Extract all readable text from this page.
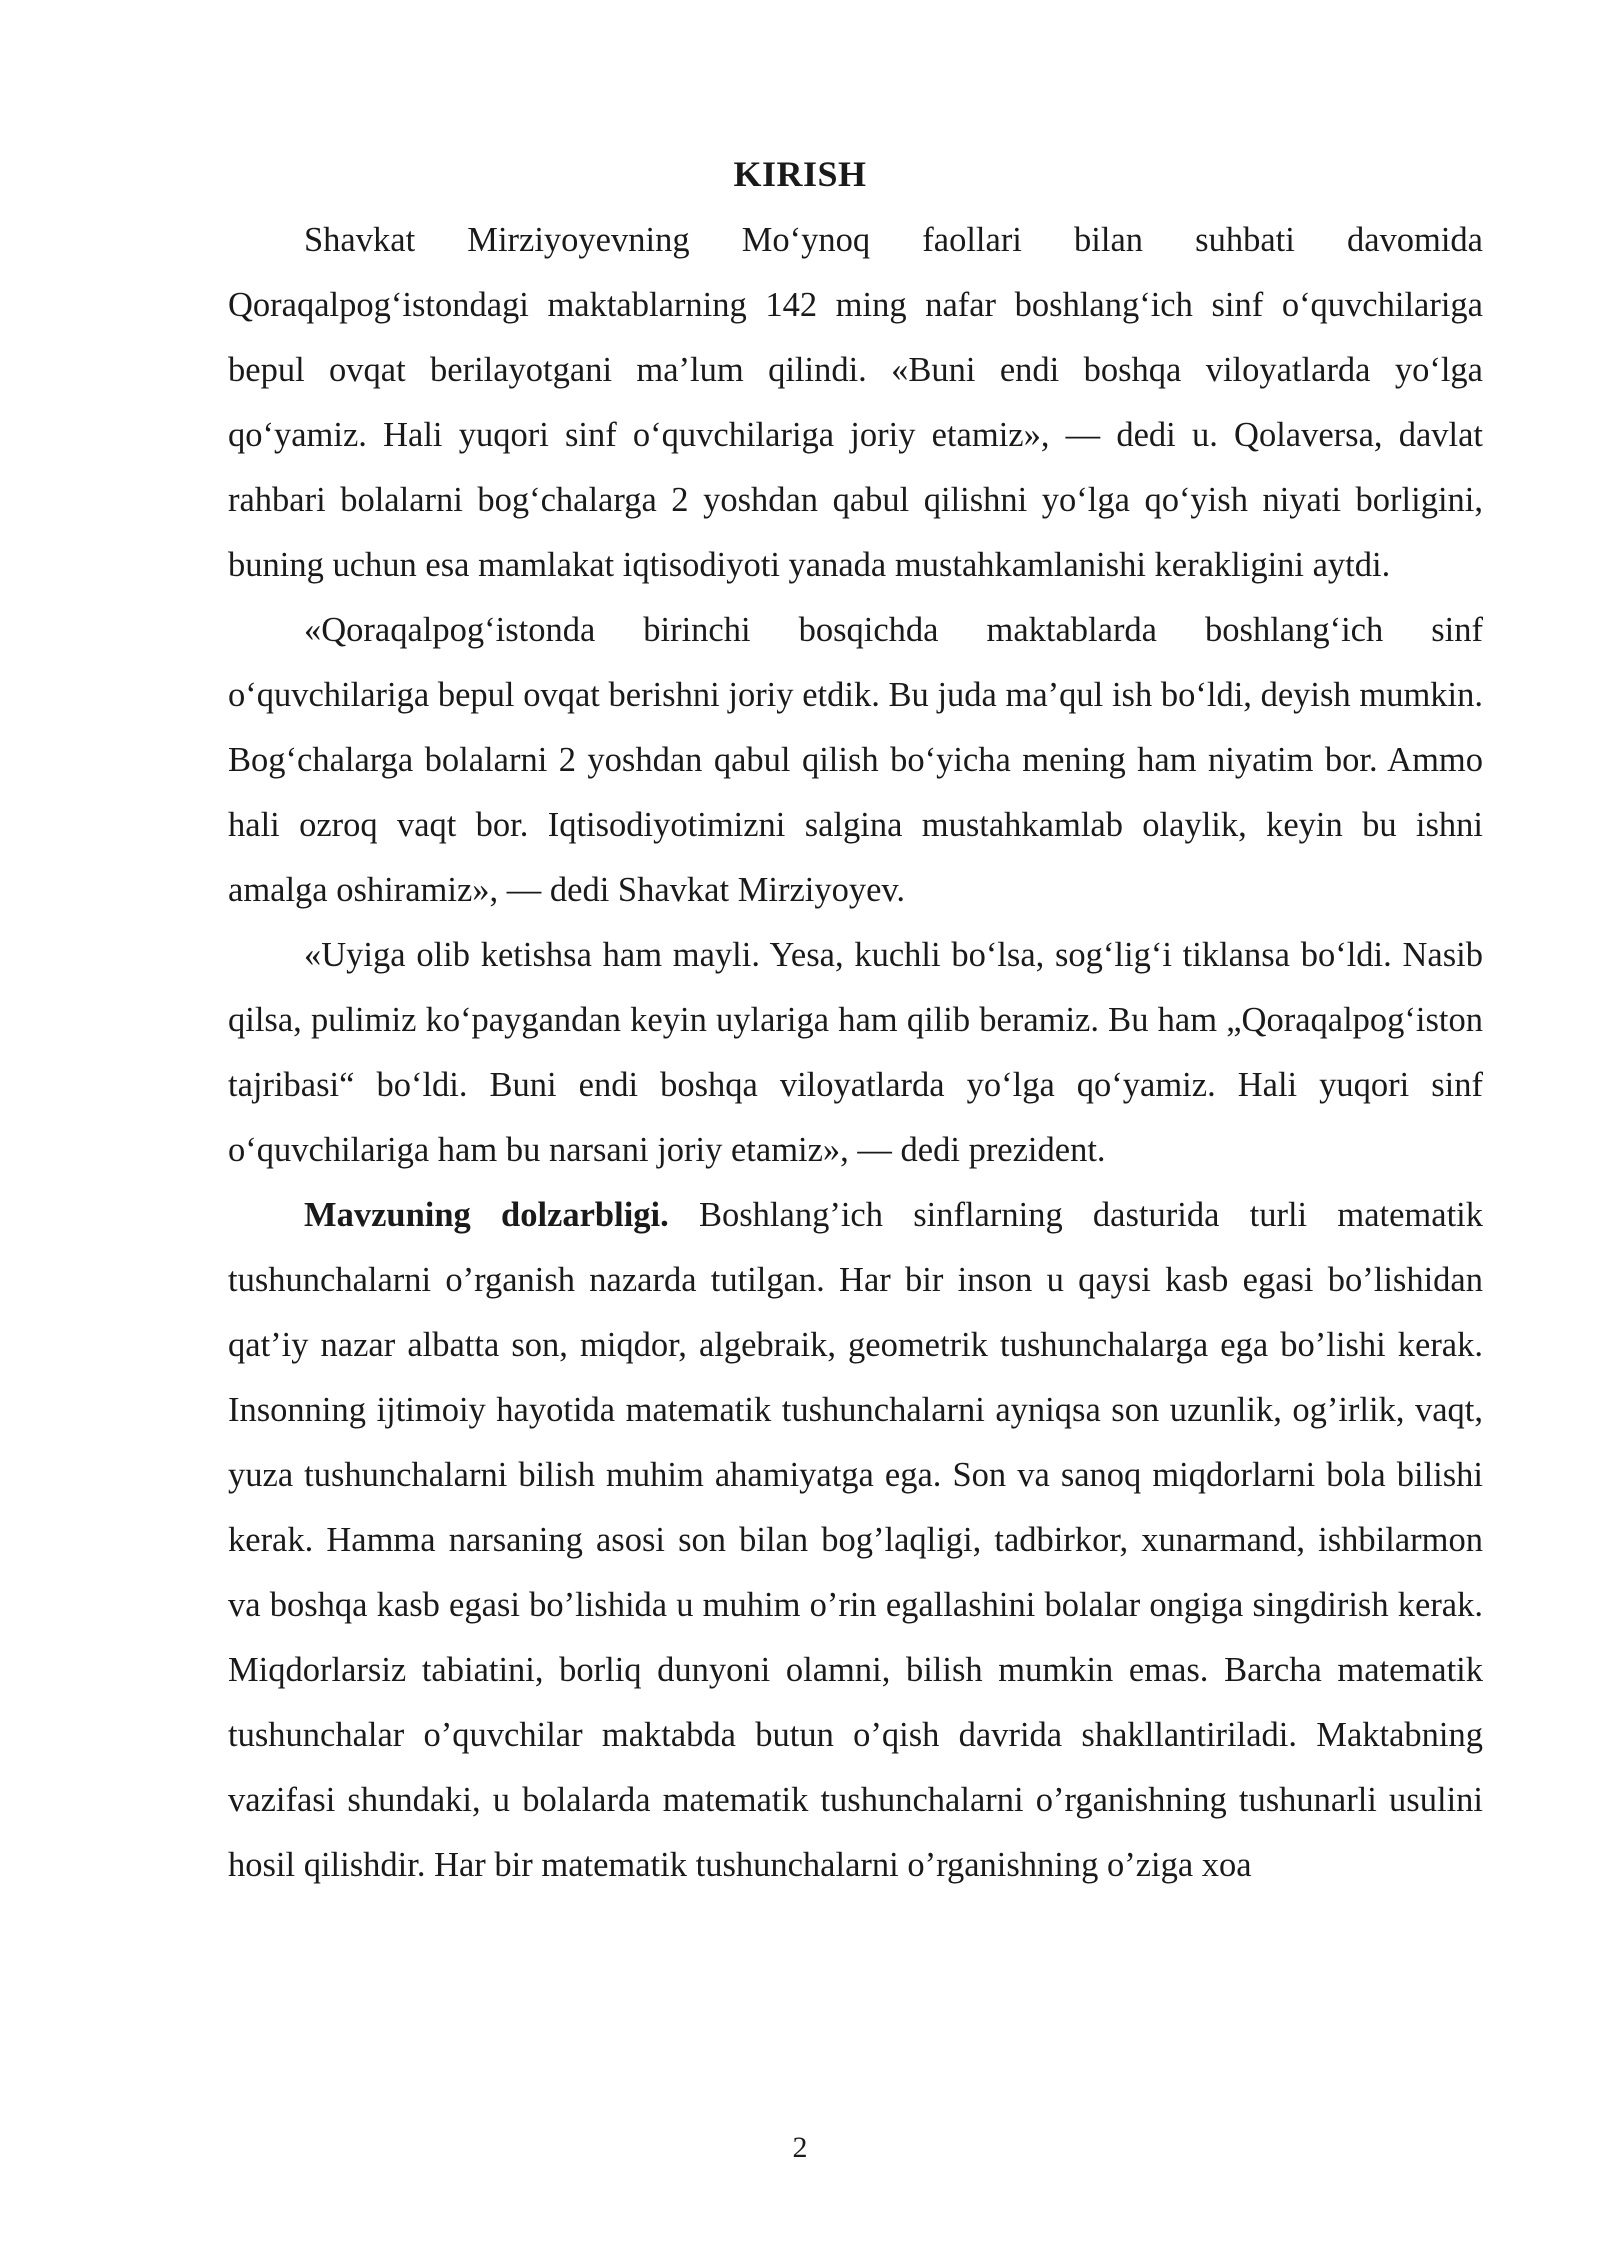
KIRISH

Shavkat Mirziyoyevning Mo‘ynoq faollari bilan suhbati davomida Qoraqalpog‘istondagi maktablarning 142 ming nafar boshlang‘ich sinf o‘quvchilariga bepul ovqat berilayotgani ma’lum qilindi. «Buni endi boshqa viloyatlarda yo‘lga qo‘yamiz. Hali yuqori sinf o‘quvchilariga joriy etamiz», — dedi u. Qolaversa, davlat rahbari bolalarni bog‘chalarga 2 yoshdan qabul qilishni yo‘lga qo‘yish niyati borligini, buning uchun esa mamlakat iqtisodiyoti yanada mustahkamlanishi kerakligini aytdi.

«Qoraqalpog‘istonda birinchi bosqichda maktablarda boshlang‘ich sinf o‘quvchilariga bepul ovqat berishni joriy etdik. Bu juda ma’qul ish bo‘ldi, deyish mumkin. Bog‘chalarga bolalarni 2 yoshdan qabul qilish bo‘yicha mening ham niyatim bor. Ammo hali ozroq vaqt bor. Iqtisodiyotimizni salgina mustahkamlab olaylik, keyin bu ishni amalga oshiramiz», — dedi Shavkat Mirziyoyev.

«Uyiga olib ketishsa ham mayli. Yesa, kuchli bo‘lsa, sog‘lig‘i tiklansa bo‘ldi. Nasib qilsa, pulimiz ko‘paygandan keyin uylariga ham qilib beramiz. Bu ham „Qoraqalpog‘iston tajribasi“ bo‘ldi. Buni endi boshqa viloyatlarda yo‘lga qo‘yamiz. Hali yuqori sinf o‘quvchilariga ham bu narsani joriy etamiz», — dedi prezident.

Mavzuning dolzarbligi. Boshlang’ich sinflarning dasturida turli matematik tushunchalarni o’rganish nazarda tutilgan. Har bir inson u qaysi kasb egasi bo’lishidan qat’iy nazar albatta son, miqdor, algebraik, geometrik tushunchalarga ega bo’lishi kerak. Insonning ijtimoiy hayotida matematik tushunchalarni ayniqsa son uzunlik, og’irlik, vaqt, yuza tushunchalarni bilish muhim ahamiyatga ega. Son va sanoq miqdorlarni bola bilishi kerak. Hamma narsaning asosi son bilan bog’laqligi, tadbirkor, xunarmand, ishbilarmon va boshqa kasb egasi bo’lishida u muhim o’rin egallashini bolalar ongiga singdirish kerak. Miqdorlarsiz tabiatini, borliq dunyoni olamni, bilish mumkin emas. Barcha matematik tushunchalar o’quvchilar maktabda butun o’qish davrida shakllantiriladi. Maktabning vazifasi shundaki, u bolalarda matematik tushunchalarni o’rganishning tushunarli usulini hosil qilishdir. Har bir matematik tushunchalarni o’rganishning o’ziga xoa

2
